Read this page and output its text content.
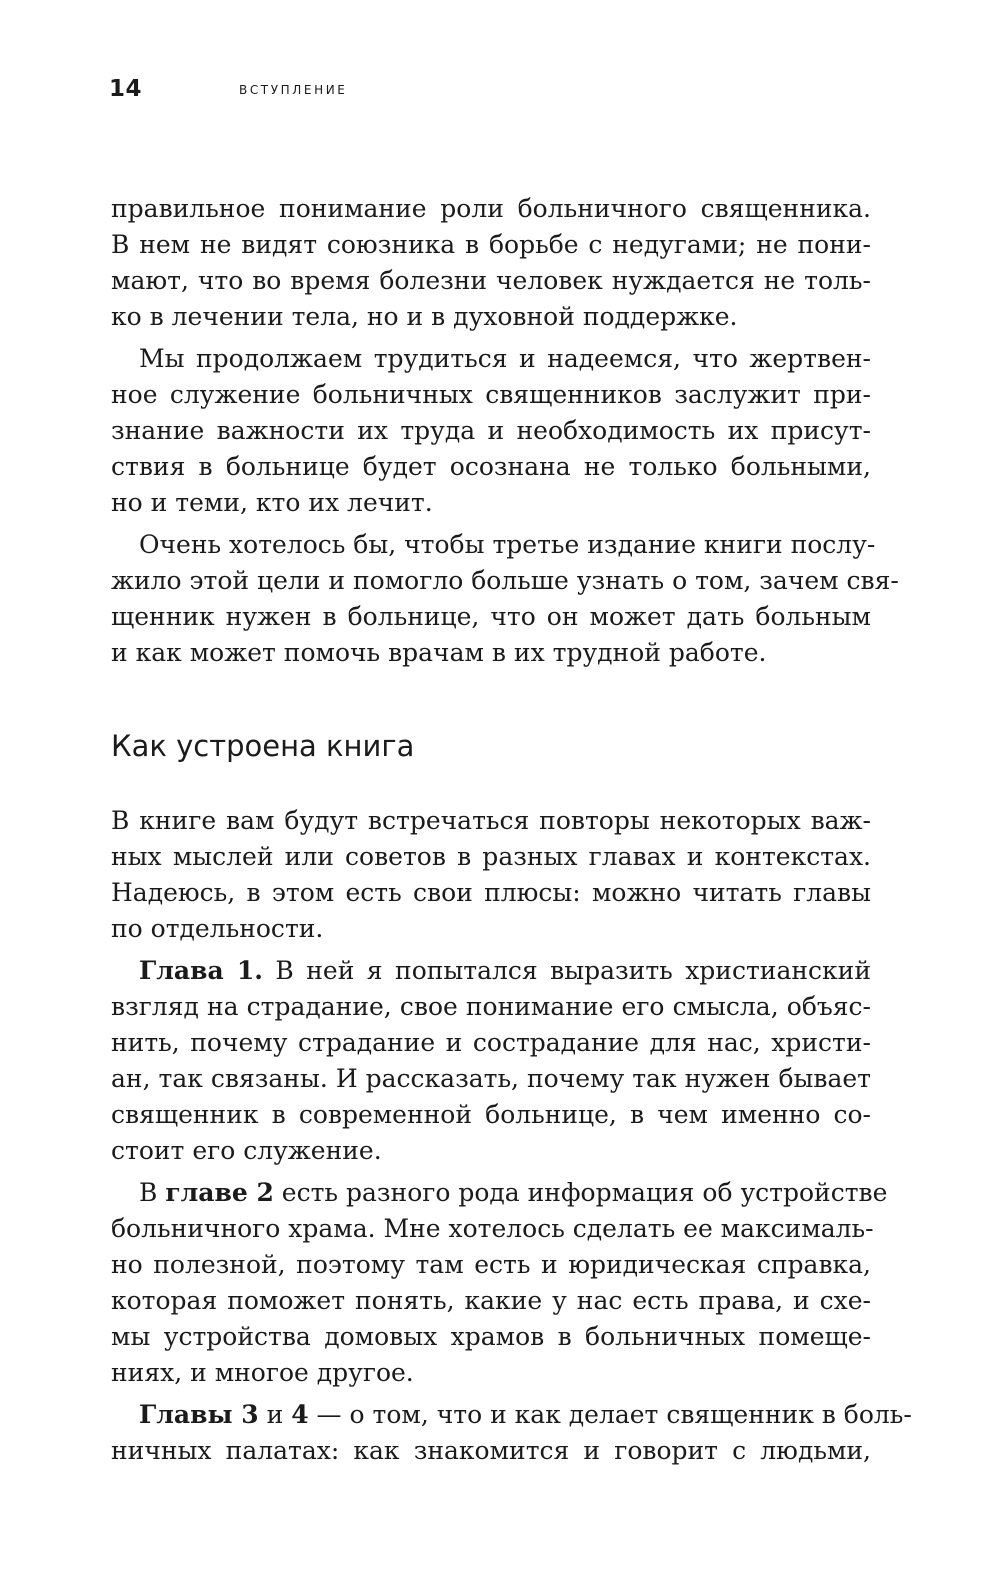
14	ВСТУПЛЕНИЕ
правильное понимание роли больничного священника.
В нем не видят союзника в борьбе с недугами; не пони-
мают, что во время болезни человек нуждается не толь-
ко в лечении тела, но и в духовной поддержке.
Мы продолжаем трудиться и надеемся, что жертвен-
ное служение больничных священников заслужит при-
знание важности их труда и необходимость их присут-
ствия в больнице будет осознана не только больными,
но и теми, кто их лечит.
Очень хотелось бы, чтобы третье издание книги послу-
жило этой цели и помогло больше узнать о том, зачем свя-
щенник нужен в больнице, что он может дать больным
и как может помочь врачам в их трудной работе.
Как устроена книга
В книге вам будут встречаться повторы некоторых важ-
ных мыслей или советов в разных главах и контекстах.
Надеюсь, в этом есть свои плюсы: можно читать главы
по отдельности.
Глава 1. В ней я попытался выразить христианский
взгляд на страдание, свое понимание его смысла, объяс-
нить, почему страдание и сострадание для нас, христи-
ан, так связаны. И рассказать, почему так нужен бывает
священник в современной больнице, в чем именно со-
стоит его служение.
В главе 2 есть разного рода информация об устройстве
больничного храма. Мне хотелось сделать ее максималь-
но полезной, поэтому там есть и юридическая справка,
которая поможет понять, какие у нас есть права, и схе-
мы устройства домовых храмов в больничных помеще-
ниях, и многое другое.
Главы 3 и 4 — о том, что и как делает священник в боль-
ничных палатах: как знакомится и говорит с людьми,
